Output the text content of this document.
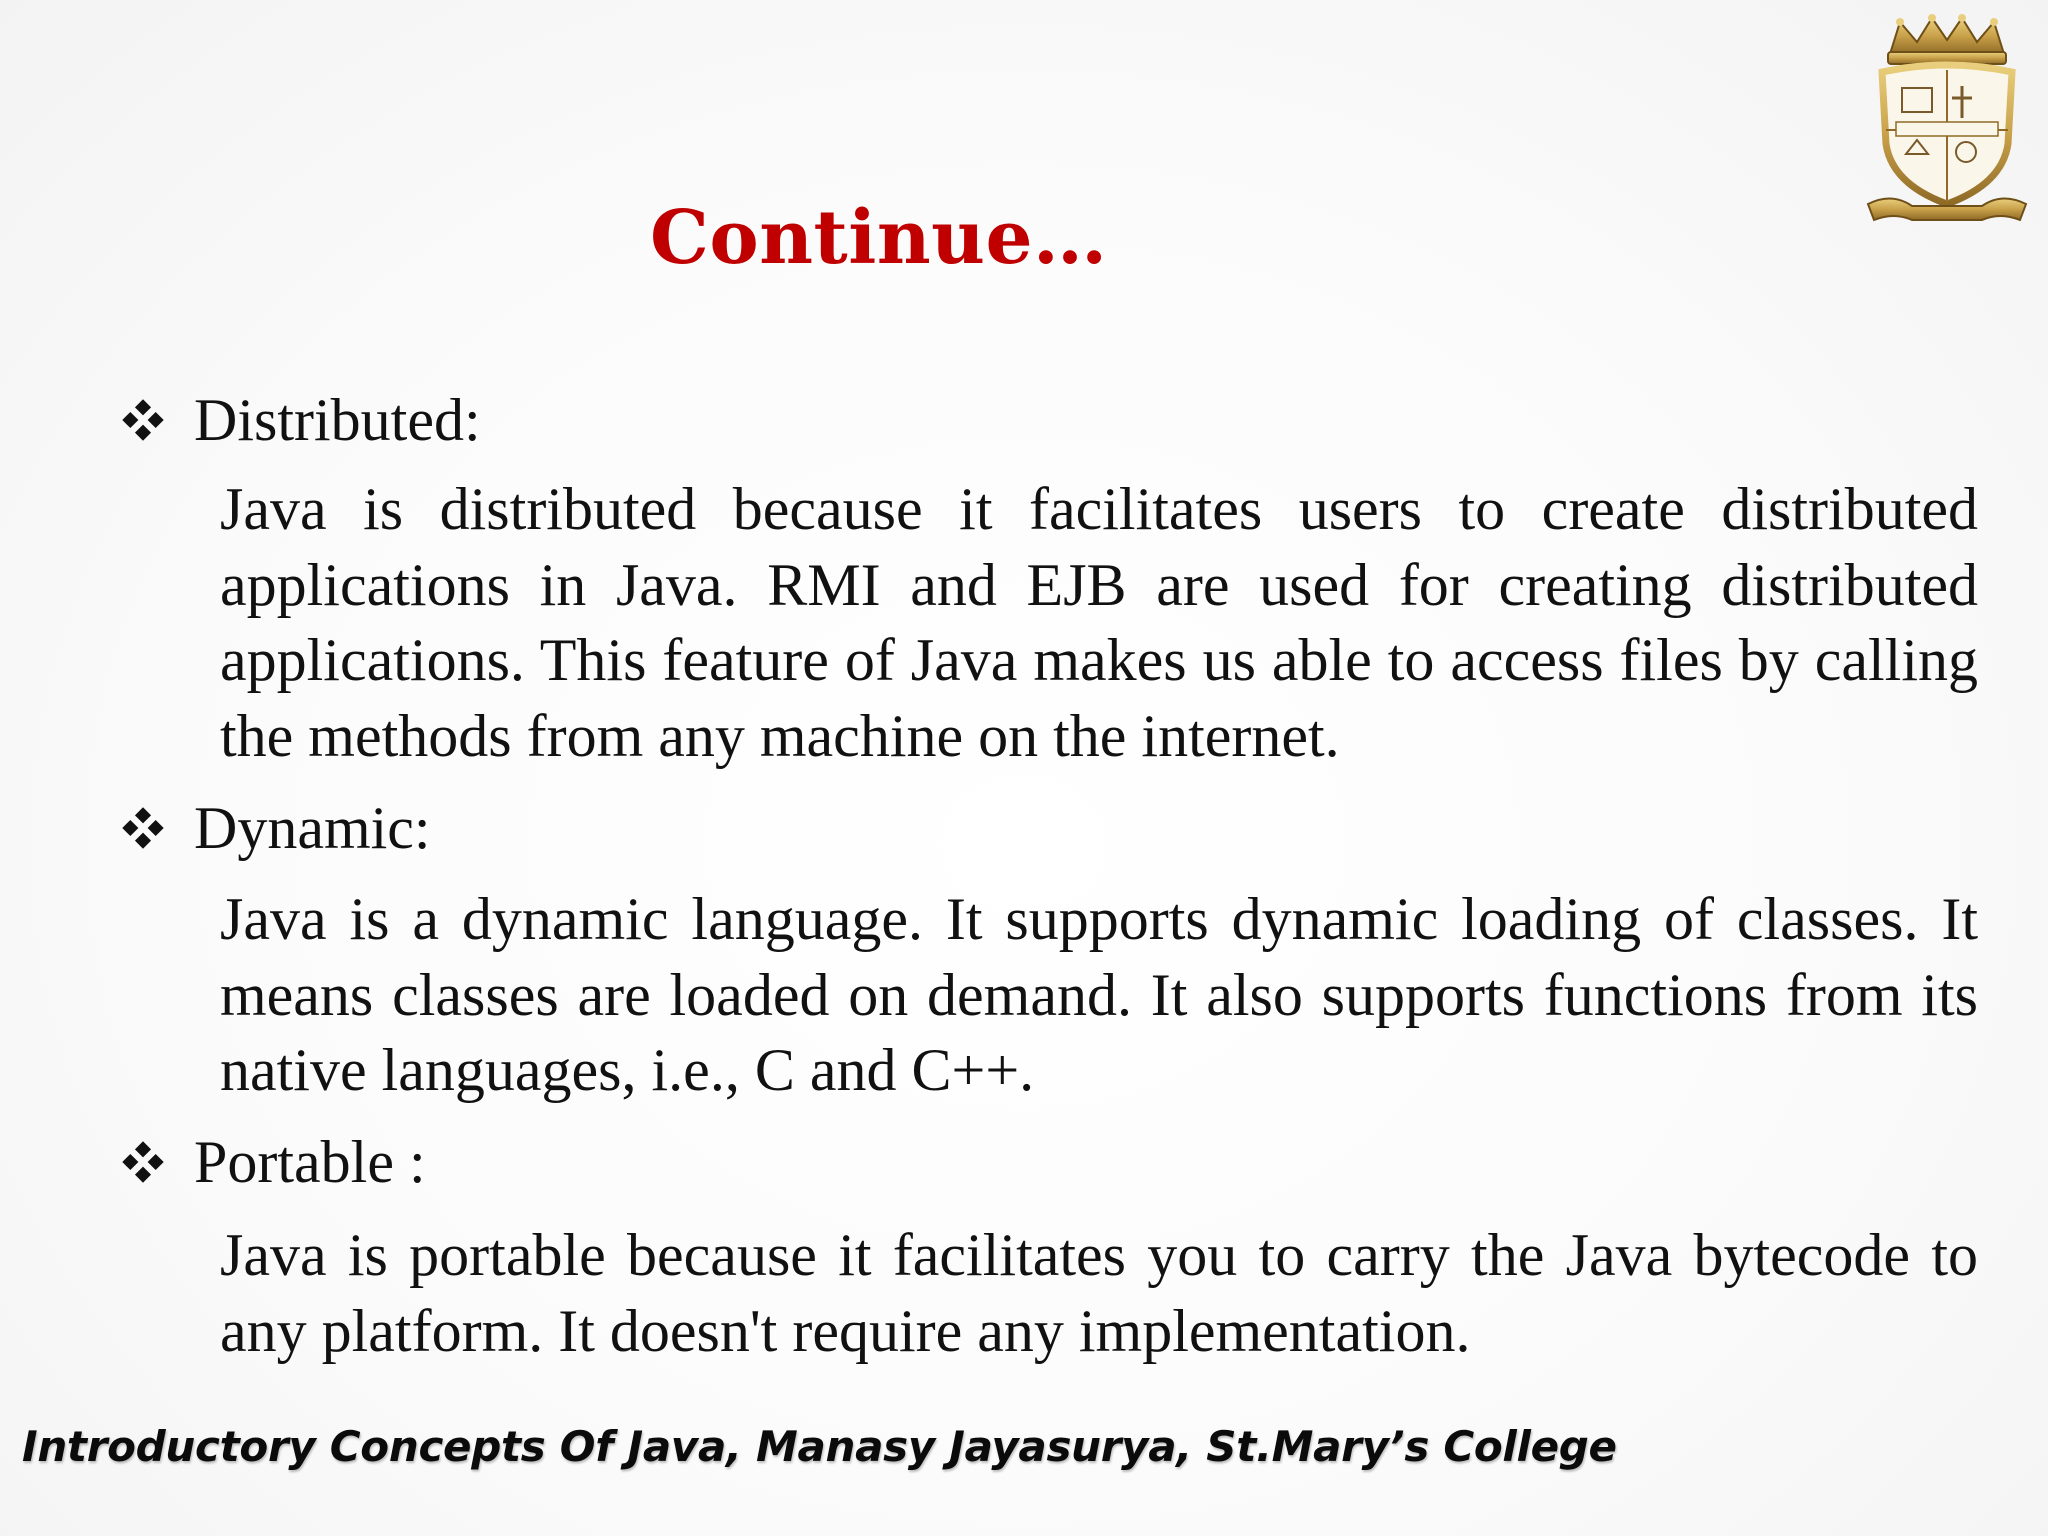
Continue…
Distributed:

Java is distributed because it facilitates users to create distributed applications in Java. RMI and EJB are used for creating distributed applications. This feature of Java makes us able to access files by calling the methods from any machine on the internet.

Dynamic:

Java is a dynamic language. It supports dynamic loading of classes. It means classes are loaded on demand. It also supports functions from its native languages, i.e., C and C++.

Portable :

Java is portable because it facilitates you to carry the Java bytecode to any platform. It doesn't require any implementation.

Introductory Concepts Of Java, Manasy Jayasurya, St.Mary’s College
